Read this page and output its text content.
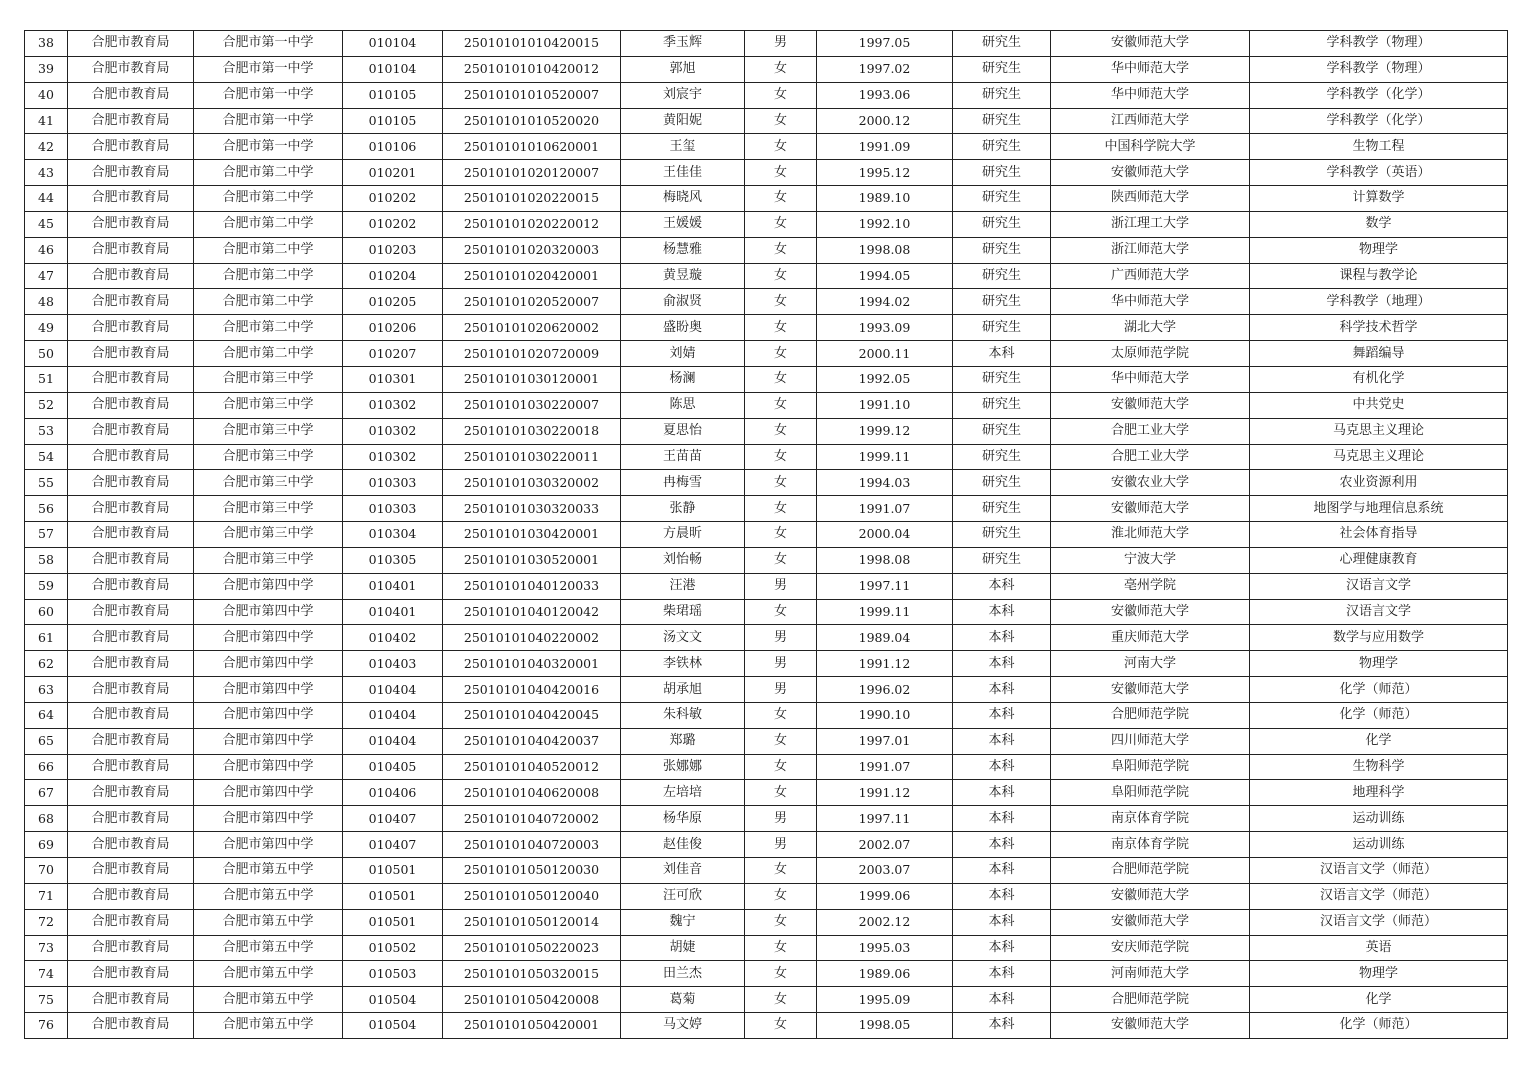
38	合肥市教育局	合肥市第一中学	010104	25010101010420015	季玉辉	男	1997.05	研究生	安徽师范大学	学科教学（物理）
39	合肥市教育局	合肥市第一中学	010104	25010101010420012	郭旭	女	1997.02	研究生	华中师范大学	学科教学（物理）
40	合肥市教育局	合肥市第一中学	010105	25010101010520007	刘宸宇	女	1993.06	研究生	华中师范大学	学科教学（化学）
41	合肥市教育局	合肥市第一中学	010105	25010101010520020	黄阳妮	女	2000.12	研究生	江西师范大学	学科教学（化学）
42	合肥市教育局	合肥市第一中学	010106	25010101010620001	王玺	女	1991.09	研究生	中国科学院大学	生物工程
43	合肥市教育局	合肥市第二中学	010201	25010101020120007	王佳佳	女	1995.12	研究生	安徽师范大学	学科教学（英语）
44	合肥市教育局	合肥市第二中学	010202	25010101020220015	梅晓风	女	1989.10	研究生	陕西师范大学	计算数学
45	合肥市教育局	合肥市第二中学	010202	25010101020220012	王媛媛	女	1992.10	研究生	浙江理工大学	数学
46	合肥市教育局	合肥市第二中学	010203	25010101020320003	杨慧雅	女	1998.08	研究生	浙江师范大学	物理学
47	合肥市教育局	合肥市第二中学	010204	25010101020420001	黄昱璇	女	1994.05	研究生	广西师范大学	课程与教学论
48	合肥市教育局	合肥市第二中学	010205	25010101020520007	俞淑贤	女	1994.02	研究生	华中师范大学	学科教学（地理）
49	合肥市教育局	合肥市第二中学	010206	25010101020620002	盛盼奥	女	1993.09	研究生	湖北大学	科学技术哲学
50	合肥市教育局	合肥市第二中学	010207	25010101020720009	刘婧	女	2000.11	本科	太原师范学院	舞蹈编导
51	合肥市教育局	合肥市第三中学	010301	25010101030120001	杨澜	女	1992.05	研究生	华中师范大学	有机化学
52	合肥市教育局	合肥市第三中学	010302	25010101030220007	陈思	女	1991.10	研究生	安徽师范大学	中共党史
53	合肥市教育局	合肥市第三中学	010302	25010101030220018	夏思怡	女	1999.12	研究生	合肥工业大学	马克思主义理论
54	合肥市教育局	合肥市第三中学	010302	25010101030220011	王苗苗	女	1999.11	研究生	合肥工业大学	马克思主义理论
55	合肥市教育局	合肥市第三中学	010303	25010101030320002	冉梅雪	女	1994.03	研究生	安徽农业大学	农业资源利用
56	合肥市教育局	合肥市第三中学	010303	25010101030320033	张静	女	1991.07	研究生	安徽师范大学	地图学与地理信息系统
57	合肥市教育局	合肥市第三中学	010304	25010101030420001	方晨昕	女	2000.04	研究生	淮北师范大学	社会体育指导
58	合肥市教育局	合肥市第三中学	010305	25010101030520001	刘怡畅	女	1998.08	研究生	宁波大学	心理健康教育
59	合肥市教育局	合肥市第四中学	010401	25010101040120033	汪港	男	1997.11	本科	亳州学院	汉语言文学
60	合肥市教育局	合肥市第四中学	010401	25010101040120042	柴珺瑶	女	1999.11	本科	安徽师范大学	汉语言文学
61	合肥市教育局	合肥市第四中学	010402	25010101040220002	汤文文	男	1989.04	本科	重庆师范大学	数学与应用数学
62	合肥市教育局	合肥市第四中学	010403	25010101040320001	李铁林	男	1991.12	本科	河南大学	物理学
63	合肥市教育局	合肥市第四中学	010404	25010101040420016	胡承旭	男	1996.02	本科	安徽师范大学	化学（师范）
64	合肥市教育局	合肥市第四中学	010404	25010101040420045	朱科敏	女	1990.10	本科	合肥师范学院	化学（师范）
65	合肥市教育局	合肥市第四中学	010404	25010101040420037	郑璐	女	1997.01	本科	四川师范大学	化学
66	合肥市教育局	合肥市第四中学	010405	25010101040520012	张娜娜	女	1991.07	本科	阜阳师范学院	生物科学
67	合肥市教育局	合肥市第四中学	010406	25010101040620008	左培培	女	1991.12	本科	阜阳师范学院	地理科学
68	合肥市教育局	合肥市第四中学	010407	25010101040720002	杨华原	男	1997.11	本科	南京体育学院	运动训练
69	合肥市教育局	合肥市第四中学	010407	25010101040720003	赵佳俊	男	2002.07	本科	南京体育学院	运动训练
70	合肥市教育局	合肥市第五中学	010501	25010101050120030	刘佳音	女	2003.07	本科	合肥师范学院	汉语言文学（师范）
71	合肥市教育局	合肥市第五中学	010501	25010101050120040	汪可欣	女	1999.06	本科	安徽师范大学	汉语言文学（师范）
72	合肥市教育局	合肥市第五中学	010501	25010101050120014	魏宁	女	2002.12	本科	安徽师范大学	汉语言文学（师范）
73	合肥市教育局	合肥市第五中学	010502	25010101050220023	胡婕	女	1995.03	本科	安庆师范学院	英语
74	合肥市教育局	合肥市第五中学	010503	25010101050320015	田兰杰	女	1989.06	本科	河南师范大学	物理学
75	合肥市教育局	合肥市第五中学	010504	25010101050420008	葛菊	女	1995.09	本科	合肥师范学院	化学
76	合肥市教育局	合肥市第五中学	010504	25010101050420001	马文婷	女	1998.05	本科	安徽师范大学	化学（师范）
